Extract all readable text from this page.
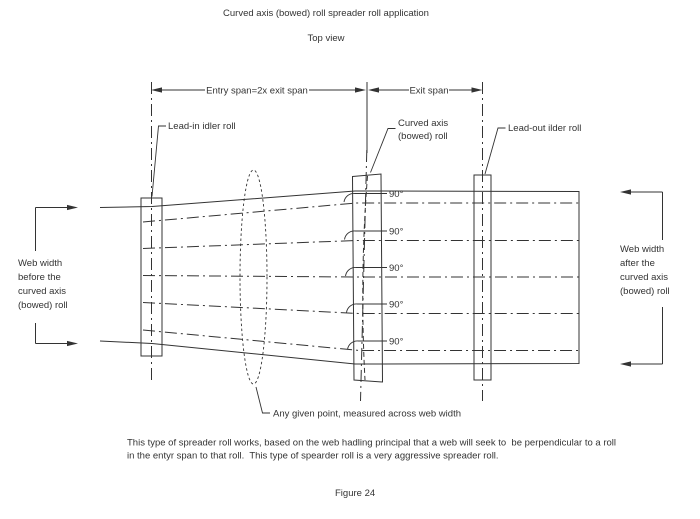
Curved axis (bowed) roll spreader roll application
Top view
Entry span=2x exit span	Exit span
90°
90°
90°
90°
90°
Lead-in idler roll	Curved axis
(bowed) roll
Lead-out ilder roll
Any given point, measured across web width
Web width
before the
curved axis
(bowed) roll
Web width
after the
curved axis
(bowed) roll
This type of spreader roll works, based on the web hadling principal that a web will seek to  be perpendicular to a roll
in the entyr span to that roll.  This type of spearder roll is a very aggressive spreader roll.
Figure 24
